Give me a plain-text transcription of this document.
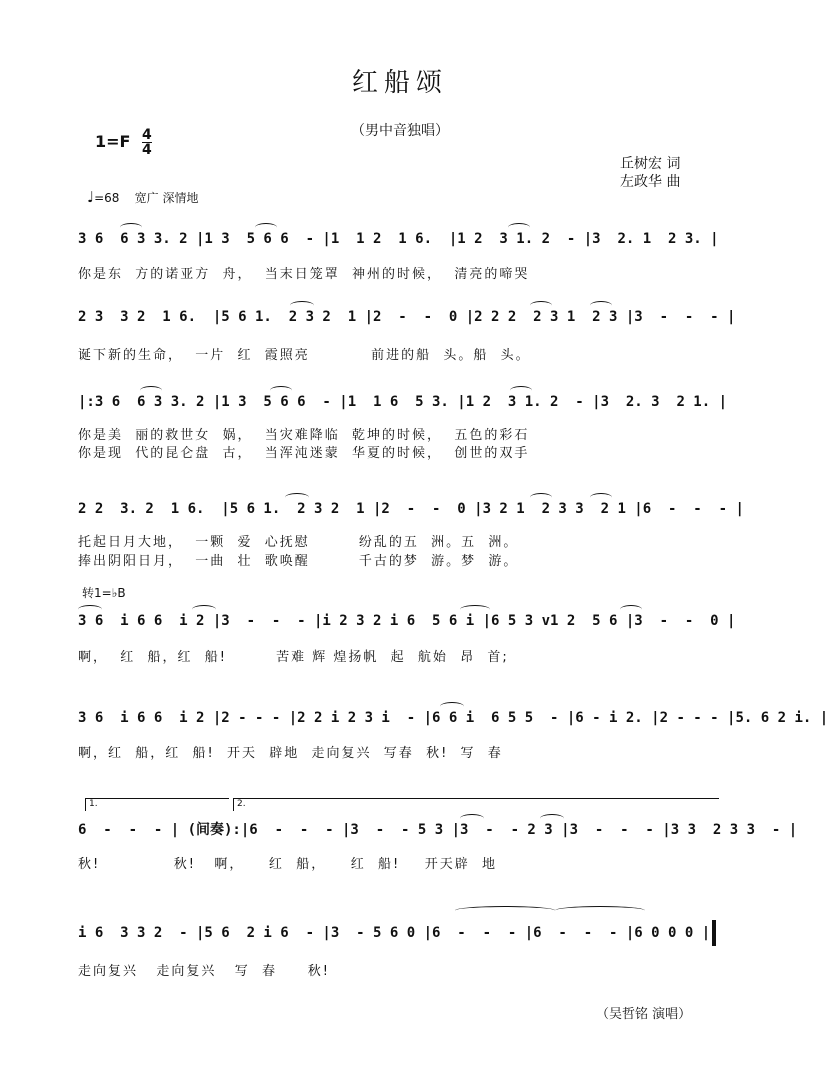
红船颂
（男中音独唱）
1=F 4
4
丘树宏 词
左政华 曲
♩=68 宽广 深情地
3 6  6 3 3. 2 |1 3  5 6 6  - |1  1 2  1 6.  |1 2  3 1. 2  - |3  2. 1  2 3. |
你是东  方的诺亚方  舟，  当末日笼罩  神州的时候，  清亮的啼哭
2 3  3 2  1 6.  |5 6 1.  2 3 2  1 |2  -  -  0 |2 2 2  2 3 1  2 3 |3  -  -  - |
诞下新的生命，  一片  红  霞照亮          前进的船  头。船  头。
|:3 6  6 3 3. 2 |1 3  5 6 6  - |1  1 6  5 3. |1 2  3 1. 2  - |3  2. 3  2 1. |
你是美  丽的救世女  娲，  当灾难降临  乾坤的时候，  五色的彩石
你是现  代的昆仑盘  古，  当浑沌迷蒙  华夏的时候，  创世的双手
2 2  3. 2  1 6.  |5 6 1.  2 3 2  1 |2  -  -  0 |3 2 1  2 3 3  2 1 |6  -  -  - |
托起日月大地，  一颗  爱  心抚慰        纷乱的五  洲。五  洲。
捧出阴阳日月，  一曲  壮  歌唤醒        千古的梦  游。梦  游。
转1=♭B
3 6  i 6 6  i 2 |3  -  -  - |i 2 3 2 i 6  5 6 i |6 5 3 v1 2  5 6 |3  -  -  0 |
啊，  红  船，红  船!        苦难 辉 煌扬帆  起  航始  昂  首;
3 6  i 6 6  i 2 |2 - - - |2 2 i 2 3 i  - |6 6 i  6 5 5  - |6 - i 2. |2 - - - |5. 6 2 i. |
啊，红  船，红  船!  开天  辟地  走向复兴  写春  秋!  写  春
1.	2.
6  -  -  - | (间奏):|6  -  -  - |3  -  - 5 3 |3  -  - 2 3 |3  -  -  - |3 3  2 3 3  - |
秋!            秋!   啊，    红  船，    红  船!    开天辟  地
i 6  3 3 2  - |5 6  2 i 6  - |3  - 5 6 0 |6  -  -  - |6  -  -  - |6 0 0 0 |
走向复兴   走向复兴   写  春     秋!
（吴哲铭 演唱）
